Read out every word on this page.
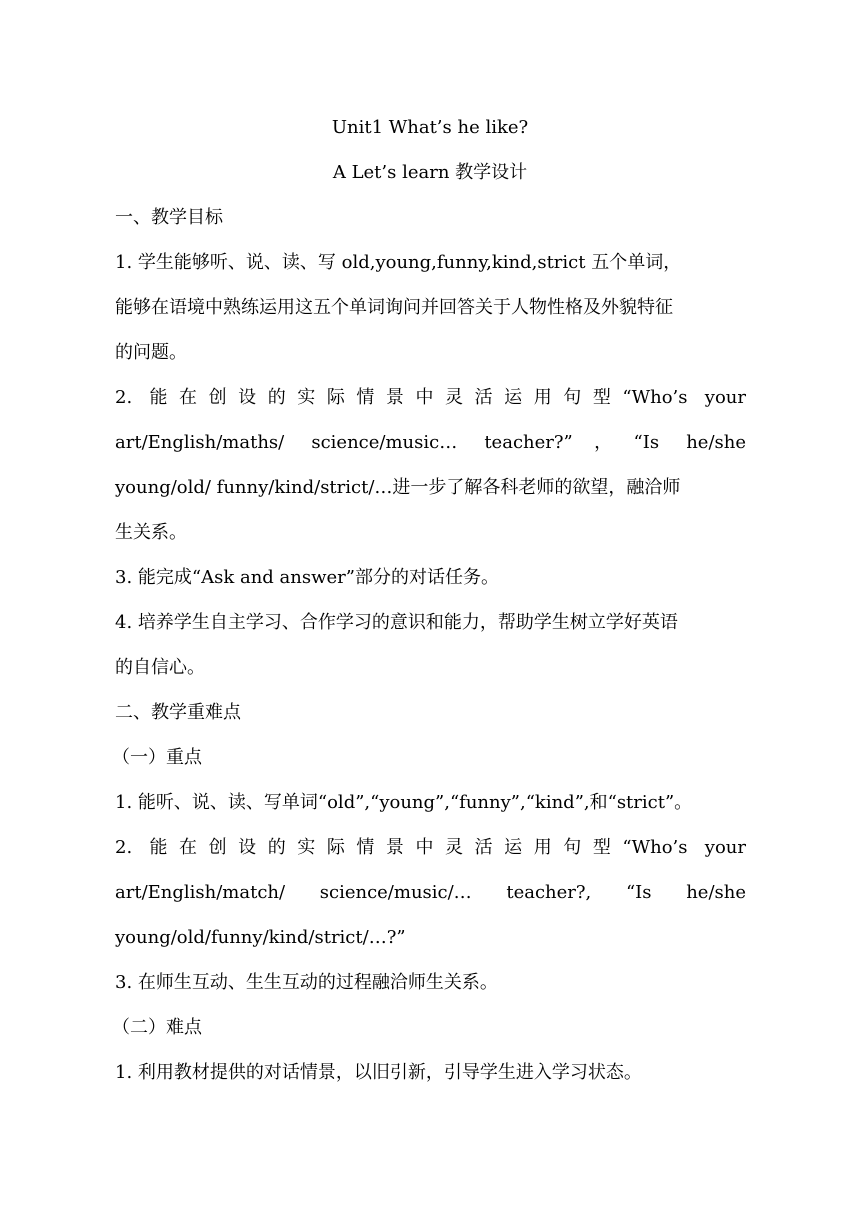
Unit1 What’s he like?
A Let’s learn 教学设计
一、教学目标
1. 学生能够听、说、读、写 old,young,funny,kind,strict 五个单词，
能够在语境中熟练运用这五个单词询问并回答关于人物性格及外貌特征
的问题。
2. 能在创设的实际情景中灵活运用句型“Who’s your
art/English/maths/ science/music… teacher?”，“Is he/she
young/old/ funny/kind/strict/…进一步了解各科老师的欲望，融洽师
生关系。
3. 能完成“Ask and answer”部分的对话任务。
4. 培养学生自主学习、合作学习的意识和能力，帮助学生树立学好英语
的自信心。
二、教学重难点
（一）重点
1. 能听、说、读、写单词“old”,“young”,“funny”,“kind”,和“strict”。
2. 能在创设的实际情景中灵活运用句型“Who’s your
art/English/match/ science/music/… teacher?, “Is he/she
young/old/funny/kind/strict/…?”
3. 在师生互动、生生互动的过程融洽师生关系。
（二）难点
1. 利用教材提供的对话情景，以旧引新，引导学生进入学习状态。
